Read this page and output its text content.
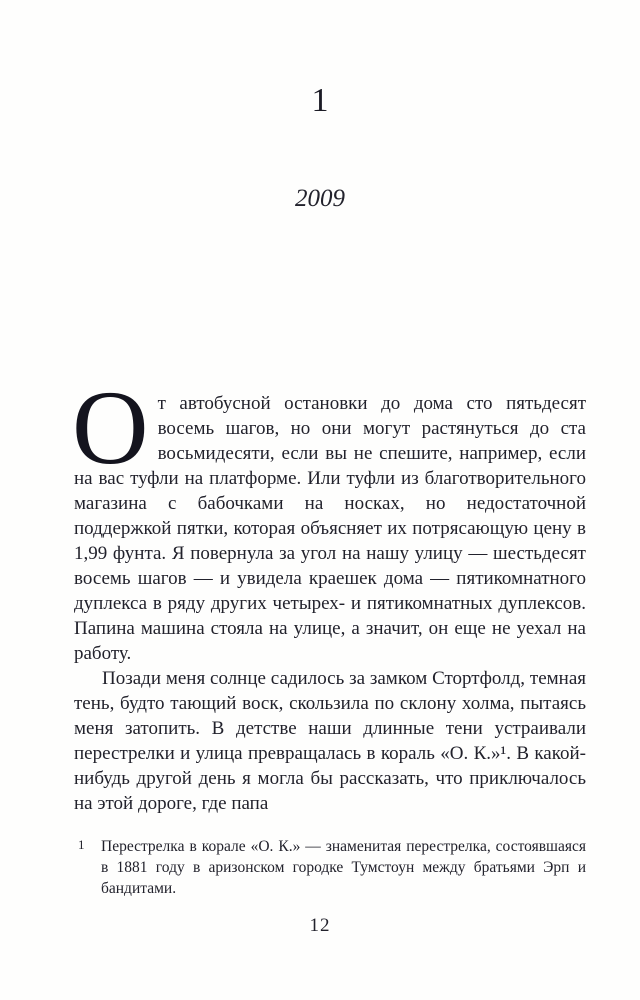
1
2009

От автобусной остановки до дома сто пятьдесят восемь шагов, но они могут растянуться до ста восьмидесяти, если вы не спешите, например, если на вас туфли на платформе. Или туфли из благотворительного магазина с бабочками на носках, но недостаточной поддержкой пятки, которая объясняет их потрясающую цену в 1,99 фунта. Я повернула за угол на нашу улицу — шестьдесят восемь шагов — и увидела краешек дома — пятикомнатного дуплекса в ряду других четырех- и пятикомнатных дуплексов. Папина машина стояла на улице, а значит, он еще не уехал на работу.

Позади меня солнце садилось за замком Стортфолд, темная тень, будто тающий воск, скользила по склону холма, пытаясь меня затопить. В детстве наши длинные тени устраивали перестрелки и улица превращалась в кораль «О. К.»¹. В какой-нибудь другой день я могла бы рассказать, что приключалось на этой дороге, где папа

1 Перестрелка в корале «О. К.» — знаменитая перестрелка, состоявшаяся в 1881 году в аризонском городке Тумстоун между братьями Эрп и бандитами.
12
